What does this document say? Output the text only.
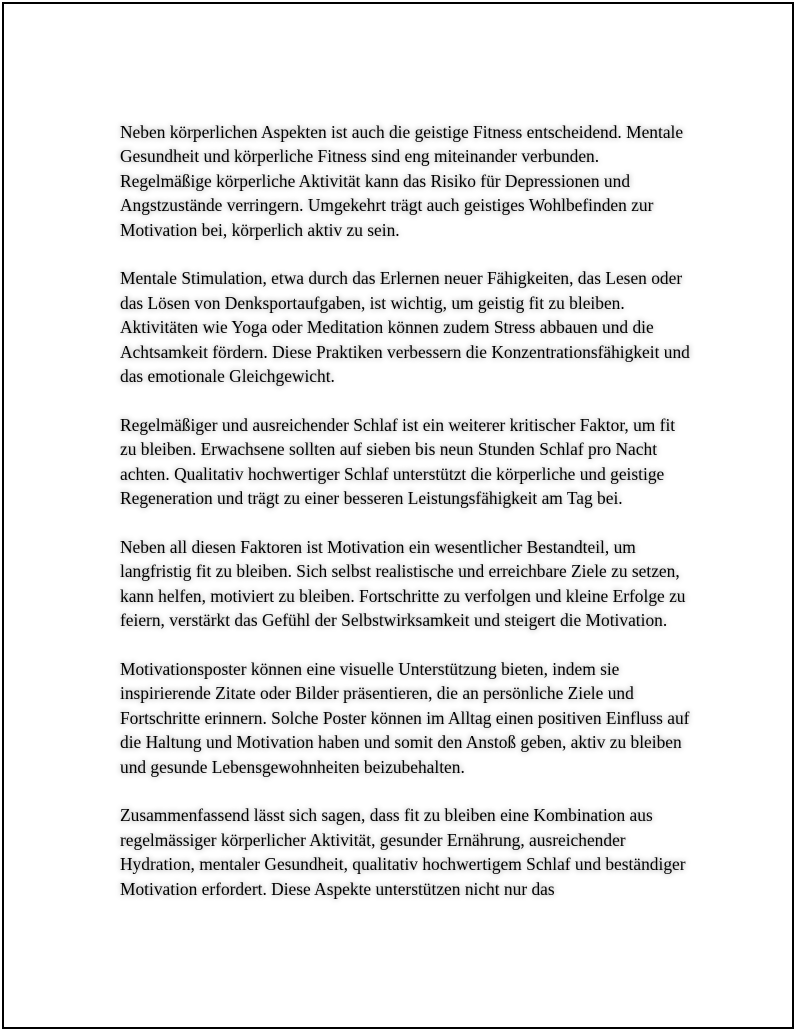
Neben körperlichen Aspekten ist auch die geistige Fitness entscheidend. Mentale Gesundheit und körperliche Fitness sind eng miteinander verbunden. Regelmäßige körperliche Aktivität kann das Risiko für Depressionen und Angstzustände verringern. Umgekehrt trägt auch geistiges Wohlbefinden zur Motivation bei, körperlich aktiv zu sein.

Mentale Stimulation, etwa durch das Erlernen neuer Fähigkeiten, das Lesen oder das Lösen von Denksportaufgaben, ist wichtig, um geistig fit zu bleiben. Aktivitäten wie Yoga oder Meditation können zudem Stress abbauen und die Achtsamkeit fördern. Diese Praktiken verbessern die Konzentrationsfähigkeit und das emotionale Gleichgewicht.

Regelmäßiger und ausreichender Schlaf ist ein weiterer kritischer Faktor, um fit zu bleiben. Erwachsene sollten auf sieben bis neun Stunden Schlaf pro Nacht achten. Qualitativ hochwertiger Schlaf unterstützt die körperliche und geistige Regeneration und trägt zu einer besseren Leistungsfähigkeit am Tag bei.

Neben all diesen Faktoren ist Motivation ein wesentlicher Bestandteil, um langfristig fit zu bleiben. Sich selbst realistische und erreichbare Ziele zu setzen, kann helfen, motiviert zu bleiben. Fortschritte zu verfolgen und kleine Erfolge zu feiern, verstärkt das Gefühl der Selbstwirksamkeit und steigert die Motivation.

Motivationsposter können eine visuelle Unterstützung bieten, indem sie inspirierende Zitate oder Bilder präsentieren, die an persönliche Ziele und Fortschritte erinnern. Solche Poster können im Alltag einen positiven Einfluss auf die Haltung und Motivation haben und somit den Anstoß geben, aktiv zu bleiben und gesunde Lebensgewohnheiten beizubehalten.

Zusammenfassend lässt sich sagen, dass fit zu bleiben eine Kombination aus regelmässiger körperlicher Aktivität, gesunder Ernährung, ausreichender Hydration, mentaler Gesundheit, qualitativ hochwertigem Schlaf und beständiger Motivation erfordert. Diese Aspekte unterstützen nicht nur das
